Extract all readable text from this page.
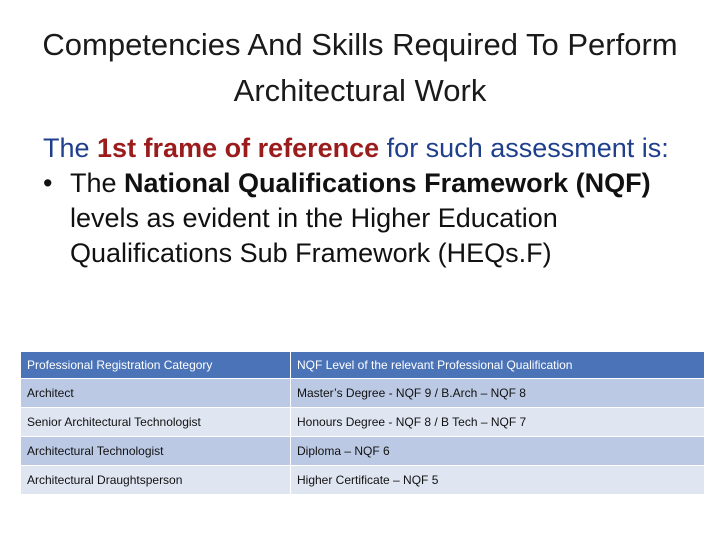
Competencies And Skills Required To Perform Architectural Work
The 1st frame of reference for such assessment is:
• The National Qualifications Framework (NQF) levels as evident in the Higher Education Qualifications Sub Framework (HEQs.F)
Professional Registration Category	NQF Level of the relevant Professional Qualification
Architect	Master’s Degree - NQF 9 / B.Arch – NQF 8
Senior Architectural Technologist	Honours Degree - NQF 8 / B Tech – NQF 7
Architectural Technologist	Diploma – NQF 6
Architectural Draughtsperson	Higher Certificate – NQF 5
